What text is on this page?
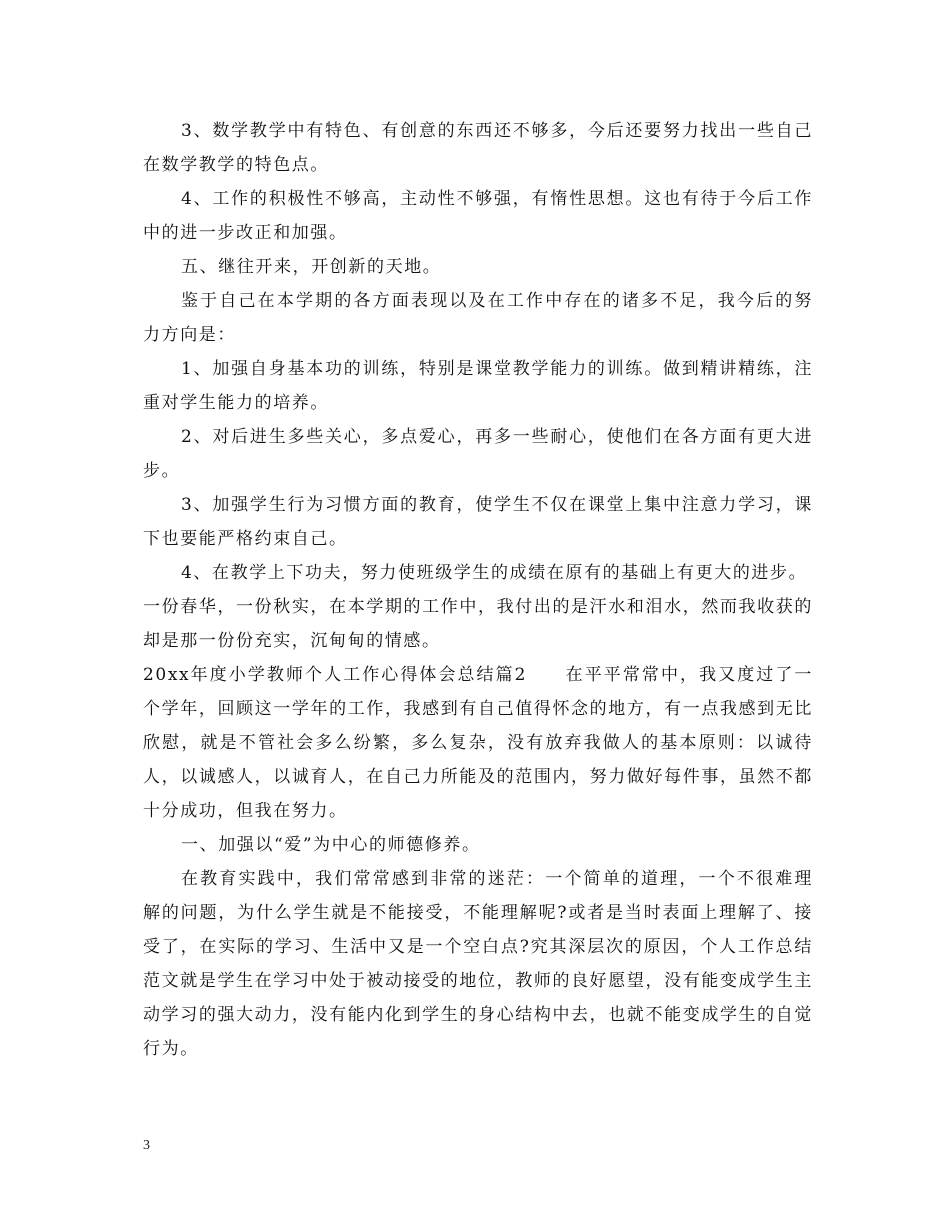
3、数学教学中有特色、有创意的东西还不够多，今后还要努力找出一些自己在数学教学的特色点。

4、工作的积极性不够高，主动性不够强，有惰性思想。这也有待于今后工作中的进一步改正和加强。

五、继往开来，开创新的天地。

鉴于自己在本学期的各方面表现以及在工作中存在的诸多不足，我今后的努力方向是：

1、加强自身基本功的训练，特别是课堂教学能力的训练。做到精讲精练，注重对学生能力的培养。

2、对后进生多些关心，多点爱心，再多一些耐心，使他们在各方面有更大进步。

3、加强学生行为习惯方面的教育，使学生不仅在课堂上集中注意力学习，课下也要能严格约束自己。

4、在教学上下功夫，努力使班级学生的成绩在原有的基础上有更大的进步。

一份春华，一份秋实，在本学期的工作中，我付出的是汗水和泪水，然而我收获的却是那一份份充实，沉甸甸的情感。

20xx年度小学教师个人工作心得体会总结篇2　　在平平常常中，我又度过了一个学年，回顾这一学年的工作，我感到有自己值得怀念的地方，有一点我感到无比欣慰，就是不管社会多么纷繁，多么复杂，没有放弃我做人的基本原则：以诚待人，以诚感人，以诚育人，在自己力所能及的范围内，努力做好每件事，虽然不都十分成功，但我在努力。

一、加强以“爱”为中心的师德修养。

在教育实践中，我们常常感到非常的迷茫：一个简单的道理，一个不很难理解的问题，为什么学生就是不能接受，不能理解呢?或者是当时表面上理解了、接受了，在实际的学习、生活中又是一个空白点?究其深层次的原因，个人工作总结范文就是学生在学习中处于被动接受的地位，教师的良好愿望，没有能变成学生主动学习的强大动力，没有能内化到学生的身心结构中去，也就不能变成学生的自觉行为。

3
